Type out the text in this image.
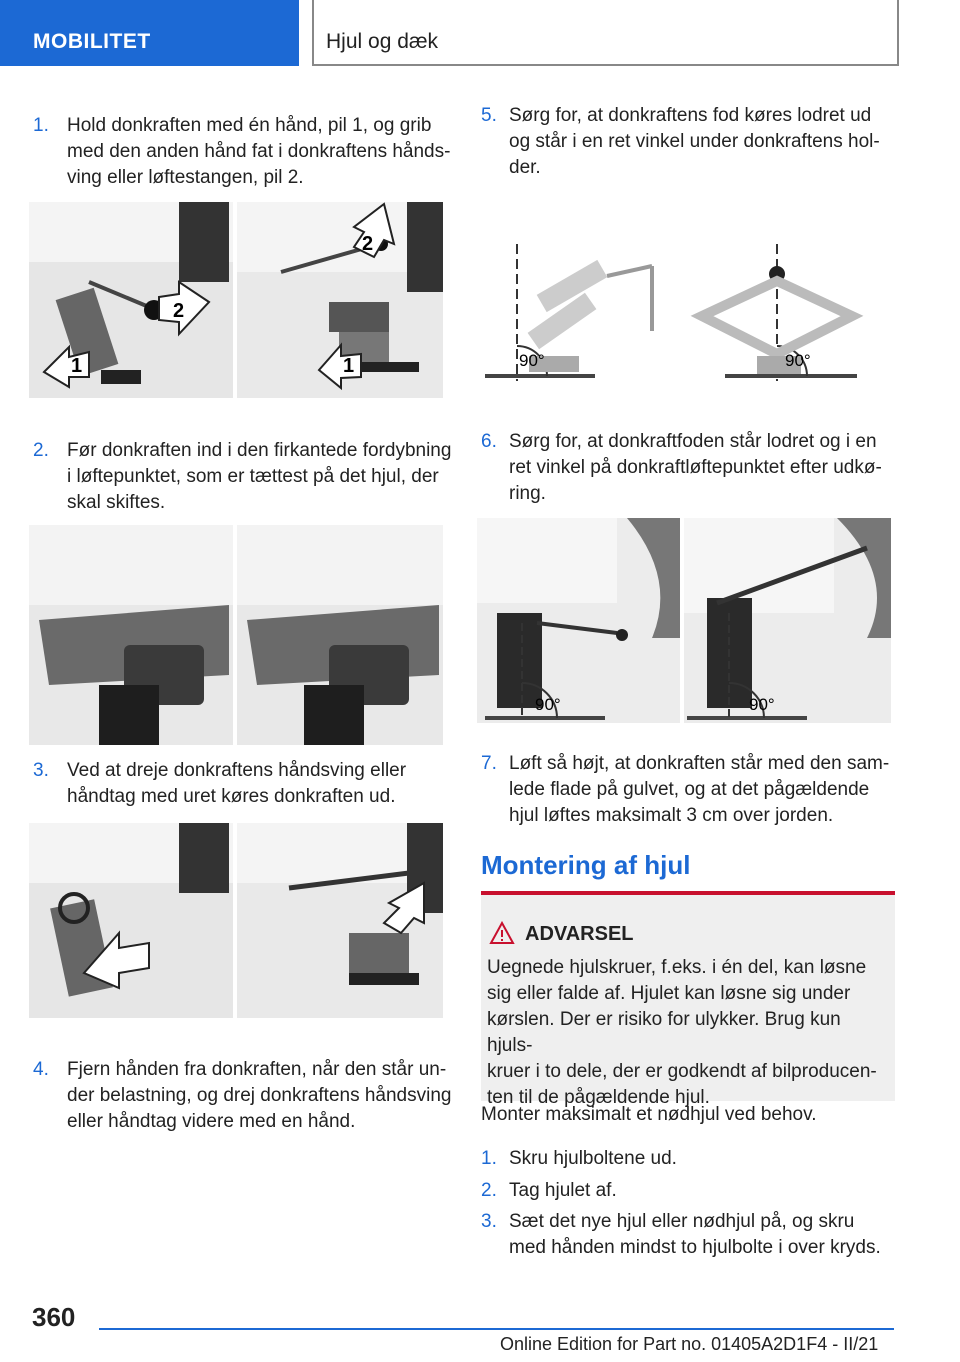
MOBILITET	Hjul og dæk
1. Hold donkraften med én hånd, pil 1, og grib
med den anden hånd fat i donkraftens hånds-
ving eller løftestangen, pil 2.
1
2
1
2
2. Før donkraften ind i den firkantede fordybning
i løftepunktet, som er tættest på det hjul, der
skal skiftes.
3. Ved at dreje donkraftens håndsving eller
håndtag med uret køres donkraften ud.
4. Fjern hånden fra donkraften, når den står un-
der belastning, og drej donkraftens håndsving
eller håndtag videre med en hånd.
5. Sørg for, at donkraftens fod køres lodret ud
og står i en ret vinkel under donkraftens hol-
der.
90°	90°
6. Sørg for, at donkraftfoden står lodret og i en
ret vinkel på donkraftløftepunktet efter udkø-
ring.
90°	90°
7. Løft så højt, at donkraften står med den sam-
lede flade på gulvet, og at det pågældende
hjul løftes maksimalt 3 cm over jorden.
Montering af hjul
ADVARSEL
Uegnede hjulskruer, f.eks. i én del, kan løsne
sig eller falde af. Hjulet kan løsne sig under
kørslen. Der er risiko for ulykker. Brug kun hjuls-
kruer i to dele, der er godkendt af bilproducen-
ten til de pågældende hjul.
Monter maksimalt et nødhjul ved behov.
1. Skru hjulboltene ud.
2. Tag hjulet af.
3. Sæt det nye hjul eller nødhjul på, og skru
med hånden mindst to hjulbolte i over kryds.
360
Online Edition for Part no. 01405A2D1F4 - II/21
